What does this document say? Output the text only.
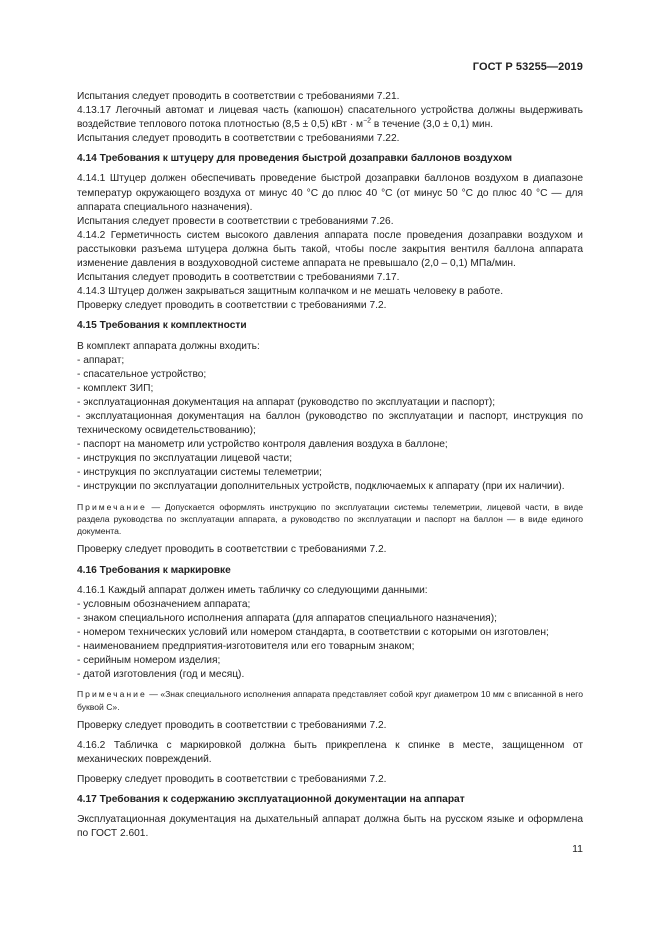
ГОСТ Р 53255—2019

Испытания следует проводить в соответствии с требованиями 7.21.

4.13.17 Легочный автомат и лицевая часть (капюшон) спасательного устройства должны выдерживать воздействие теплового потока плотностью (8,5 ± 0,5) кВт · $м^{-2}$ в течение (3,0 ± 0,1) мин.

Испытания следует проводить в соответствии с требованиями 7.22.

4.14 Требования к штуцеру для проведения быстрой дозаправки баллонов воздухом

4.14.1 Штуцер должен обеспечивать проведение быстрой дозаправки баллонов воздухом в диапазоне температур окружающего воздуха от минус 40 °С до плюс 40 °С (от минус 50 °С до плюс 40 °С — для аппарата специального назначения).

Испытания следует провести в соответствии с требованиями 7.26.

4.14.2 Герметичность систем высокого давления аппарата после проведения дозаправки воздухом и расстыковки разъема штуцера должна быть такой, чтобы после закрытия вентиля баллона аппарата изменение давления в воздуховодной системе аппарата не превышало (2,0 – 0,1) МПа/мин.

Испытания следует проводить в соответствии с требованиями 7.17.

4.14.3 Штуцер должен закрываться защитным колпачком и не мешать человеку в работе.

Проверку следует проводить в соответствии с требованиями 7.2.

4.15 Требования к комплектности

В комплект аппарата должны входить:

- аппарат;

- спасательное устройство;

- комплект ЗИП;

- эксплуатационная документация на аппарат (руководство по эксплуатации и паспорт);

- эксплуатационная документация на баллон (руководство по эксплуатации и паспорт, инструкция по техническому освидетельствованию);

- паспорт на манометр или устройство контроля давления воздуха в баллоне;

- инструкция по эксплуатации лицевой части;

- инструкция по эксплуатации системы телеметрии;

- инструкции по эксплуатации дополнительных устройств, подключаемых к аппарату (при их наличии).

Примечание — Допускается оформлять инструкцию по эксплуатации системы телеметрии, лицевой части, в виде раздела руководства по эксплуатации аппарата, а руководство по эксплуатации и паспорт на баллон — в виде единого документа.

Проверку следует проводить в соответствии с требованиями 7.2.

4.16 Требования к маркировке

4.16.1 Каждый аппарат должен иметь табличку со следующими данными:

- условным обозначением аппарата;

- знаком специального исполнения аппарата (для аппаратов специального назначения);

- номером технических условий или номером стандарта, в соответствии с которыми он изготовлен;

- наименованием предприятия-изготовителя или его товарным знаком;

- серийным номером изделия;

- датой изготовления (год и месяц).

Примечание — «Знак специального исполнения аппарата представляет собой круг диаметром 10 мм с вписанной в него буквой С».

Проверку следует проводить в соответствии с требованиями 7.2.

4.16.2 Табличка с маркировкой должна быть прикреплена к спинке в месте, защищенном от механических повреждений.

Проверку следует проводить в соответствии с требованиями 7.2.

4.17 Требования к содержанию эксплуатационной документации на аппарат

Эксплуатационная документация на дыхательный аппарат должна быть на русском языке и оформлена по ГОСТ 2.601.

11
